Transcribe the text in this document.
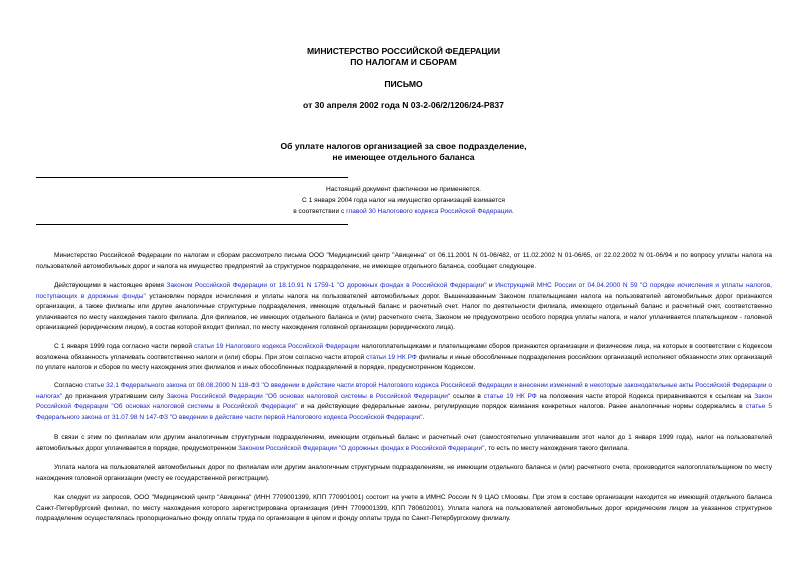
МИНИСТЕРСТВО РОССИЙСКОЙ ФЕДЕРАЦИИ
ПО НАЛОГАМ И СБОРАМ
ПИСЬМО
от 30 апреля 2002 года N 03-2-06/2/1206/24-Р837
Об уплате налогов организацией за свое подразделение,
не имеющее отдельного баланса
Настоящий документ фактически не применяется.
С 1 января 2004 года налог на имущество организаций взимается
в соответствии с главой 30 Налогового кодекса Российской Федерации.

Министерство Российской Федерации по налогам и сборам рассмотрело письма ООО "Медицинский центр "Авиценна" от 06.11.2001 N 01-06/482, от 11.02.2002 N 01-06/65, от 22.02.2002 N 01-06/94 и по вопросу уплаты налога на пользователей автомобильных дорог и налога на имущество предприятий за структурное подразделение, не имеющее отдельного баланса, сообщает следующее.

Действующими в настоящее время Законом Российской Федерации от 18.10.91 N 1759-1 "О дорожных фондах в Российской Федерации" и Инструкцией МНС России от 04.04.2000 N 59 "О порядке исчисления и уплаты налогов, поступающих в дорожные фонды" установлен порядок исчисления и уплаты налога на пользователей автомобильных дорог. Вышеназванным Законом плательщиками налога на пользователей автомобильных дорог признаются организации, а также филиалы или другие аналогичные структурные подразделения, имеющие отдельный баланс и расчетный счет. Налог по деятельности филиала, имеющего отдельный баланс и расчетный счет, соответственно уплачивается по месту нахождения такого филиала. Для филиалов, не имеющих отдельного баланса и (или) расчетного счета, Законом не предусмотрено особого порядка уплаты налога, и налог уплачивается плательщиком - головной организацией (юридическим лицом), в состав которой входит филиал, по месту нахождения головной организации (юридического лица).

С 1 января 1999 года согласно части первой статьи 19 Налогового кодекса Российской Федерации налогоплательщиками и плательщиками сборов признаются организации и физические лица, на которых в соответствии с Кодексом возложена обязанность уплачивать соответственно налоги и (или) сборы. При этом согласно части второй статьи 19 НК РФ филиалы и иные обособленные подразделения российских организаций исполняют обязанности этих организаций по уплате налогов и сборов по месту нахождения этих филиалов и иных обособленных подразделений в порядке, предусмотренном Кодексом.

Согласно статье 32.1 Федерального закона от 08.08.2000 N 118-ФЗ "О введении в действие части второй Налогового кодекса Российской Федерации и внесении изменений в некоторые законодательные акты Российской Федерации о налогах" до признания утратившим силу Закона Российской Федерации "Об основах налоговой системы в Российской Федерации" ссылки в статье 19 НК РФ на положения части второй Кодекса приравниваются к ссылкам на Закон Российской Федерации "Об основах налоговой системы в Российской Федерации" и на действующие федеральные законы, регулирующие порядок взимания конкретных налогов. Ранее аналогичные нормы содержались в статье 5 Федерального закона от 31.07.98 N 147-ФЗ "О введении в действие части первой Налогового кодекса Российской Федерации".

В связи с этим по филиалам или другим аналогичным структурным подразделениям, имеющим отдельный баланс и расчетный счет (самостоятельно уплачивавшим этот налог до 1 января 1999 года), налог на пользователей автомобильных дорог уплачивается в порядке, предусмотренном Законом Российской Федерации "О дорожных фондах в Российской Федерации", то есть по месту нахождения такого филиала.

Уплата налога на пользователей автомобильных дорог по филиалам или другим аналогичным структурным подразделениям, не имеющим отдельного баланса и (или) расчетного счета, производится налогоплательщиком по месту нахождения головной организации (месту ее государственной регистрации).

Как следует из запросов, ООО "Медицинский центр "Авиценна" (ИНН 7709001399, КПП 770901001) состоит на учете в ИМНС России N 9 ЦАО г.Москвы. При этом в составе организации находится не имеющий отдельного баланса Санкт-Петербургский филиал, по месту нахождения которого зарегистрирована организация (ИНН 7709001399, КПП 780602001). Уплата налога на пользователей автомобильных дорог юридическим лицом за указанное структурное подразделение осуществлялась пропорционально фонду оплаты труда по организации в целом и фонду оплаты труда по Санкт-Петербургскому филиалу.
